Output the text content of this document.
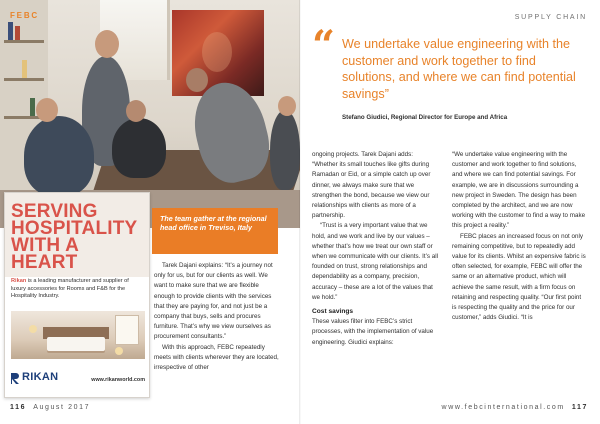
FEBC

The team gather at the regional head office in Treviso, Italy

SERVING HOSPITALITY WITH A HEART

Rikan is a leading manufacturer and supplier of luxury accessories for Rooms and F&B for the Hospitality Industry.

RIKAN	www.rikanworld.com

Tarek Dajani explains: “It’s a journey not only for us, but for our clients as well. We want to make sure that we are flexible enough to provide clients with the services that they are paying for, and not just be a company that buys, sells and procures furniture. That’s why we view ourselves as procurement consultants.”

With this approach, FEBC repeatedly meets with clients wherever they are located, irrespective of other

SUPPLY CHAIN
“ We undertake value engineering with the customer and work together to find solutions, and where we can find potential savings”

Stefano Giudici, Regional Director for Europe and Africa

ongoing projects. Tarek Dajani adds: “Whether its small touches like gifts during Ramadan or Eid, or a simple catch up over dinner, we always make sure that we strengthen the bond, because we view our relationships with clients as more of a partnership.

“Trust is a very important value that we hold, and we work and live by our values – whether that’s how we treat our own staff or when we communicate with our clients. It’s all founded on trust, strong relationships and dependability as a company, precision, accuracy – these are a lot of the values that we hold.”

Cost savings

These values filter into FEBC’s strict processes, with the implementation of value engineering. Giudici explains:

“We undertake value engineering with the customer and work together to find solutions, and where we can find potential savings. For example, we are in discussions surrounding a new project in Sweden. The design has been completed by the architect, and we are now working with the customer to find a way to make this project a reality.”

FEBC places an increased focus on not only remaining competitive, but to repeatedly add value for its clients. Whilst an expensive fabric is often selected, for example, FEBC will offer the same or an alternative product, which will achieve the same result, with a firm focus on retaining and respecting quality. “Our first point is respecting the quality and the price for our customer,” adds Giudici. “It is

116 August 2017	www.febcinternational.com 117
